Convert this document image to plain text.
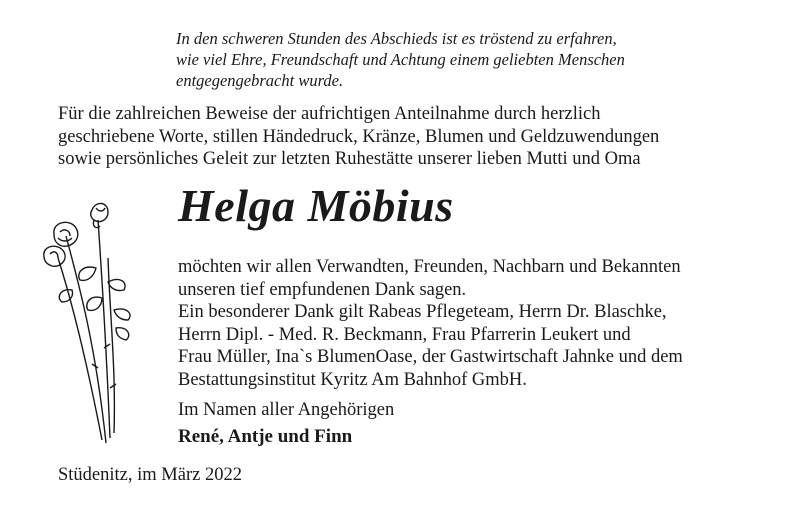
In den schweren Stunden des Abschieds ist es tröstend zu erfahren,
wie viel Ehre, Freundschaft und Achtung einem geliebten Menschen
entgegengebracht wurde.
Für die zahlreichen Beweise der aufrichtigen Anteilnahme durch herzlich
geschriebene Worte, stillen Händedruck, Kränze, Blumen und Geldzuwendungen
sowie persönliches Geleit zur letzten Ruhestätte unserer lieben Mutti und Oma
Helga Möbius
möchten wir allen Verwandten, Freunden, Nachbarn und Bekannten
unseren tief empfundenen Dank sagen.
Ein besonderer Dank gilt Rabeas Pflegeteam, Herrn Dr. Blaschke,
Herrn Dipl. - Med. R. Beckmann, Frau Pfarrerin Leukert und
Frau Müller, Ina`s BlumenOase, der Gastwirtschaft Jahnke und dem
Bestattungsinstitut Kyritz Am Bahnhof GmbH.
Im Namen aller Angehörigen
René, Antje und Finn
Stüdenitz, im März 2022
